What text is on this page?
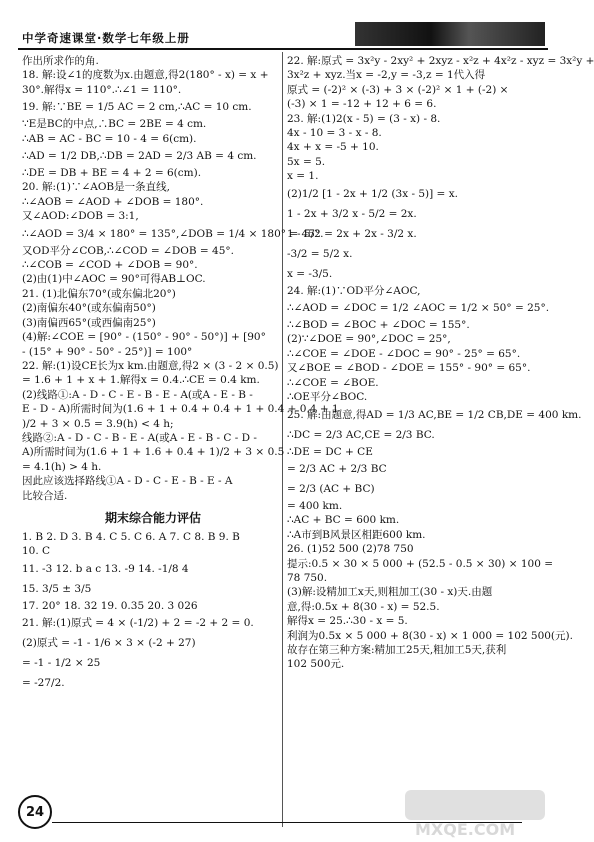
中学奇速课堂·数学七年级上册
作出所求作的角.
18. 解:设∠1的度数为x.由题意,得2(180° - x) = x +
30°.解得x = 110°.∴∠1 = 110°.
19. 解:∵BE = 1/5 AC = 2 cm,∴AC = 10 cm.
∵E是BC的中点,∴BC = 2BE = 4 cm.
∴AB = AC - BC = 10 - 4 = 6(cm).
∴AD = 1/2 DB,∴DB = 2AD = 2/3 AB = 4 cm.
∴DE = DB + BE = 4 + 2 = 6(cm).
20. 解:(1)∵∠AOB是一条直线,
∴∠AOB = ∠AOD + ∠DOB = 180°.
又∠AOD:∠DOB = 3:1,
∴∠AOD = 3/4 × 180° = 135°,∠DOB = 1/4 × 180° = 45°.
又OD平分∠COB,∴∠COD = ∠DOB = 45°.
∴∠COB = ∠COD + ∠DOB = 90°.
(2)由(1)中∠AOC = 90°可得AB⊥OC.
21. (1)北偏东70°(或东偏北20°)
(2)南偏东40°(或东偏南50°)
(3)南偏西65°(或西偏南25°)
(4)解:∠COE = [90° - (150° - 90° - 50°)] + [90°
- (15° + 90° - 50° - 25°)] = 100°
22. 解:(1)设CE长为x km.由题意,得2 × (3 - 2 × 0.5)
= 1.6 + 1 + x + 1.解得x = 0.4.∴CE = 0.4 km.
(2)线路①:A - D - C - E - B - E - A(或A - E - B -
E - D - A)所需时间为(1.6 + 1 + 0.4 + 0.4 + 1 + 0.4 + 0.4 + 1
)/2 + 3 × 0.5 = 3.9(h) < 4 h;
线路②:A - D - C - B - E - A(或A - E - B - C - D -
A)所需时间为(1.6 + 1 + 1.6 + 0.4 + 1)/2 + 3 × 0.5
= 4.1(h) > 4 h.
因此应该选择路线①A - D - C - E - B - E - A
比较合适.
期末综合能力评估
1. B 2. D 3. B 4. C 5. C 6. A 7. C 8. B 9. B
10. C
11. -3 12. b a c 13. -9 14. -1/8 4
15. 3/5 ± 3/5
17. 20° 18. 32 19. 0.35 20. 3 026
21. 解:(1)原式 = 4 × (-1/2) + 2 = -2 + 2 = 0.
(2)原式 = -1 - 1/6 × 3 × (-2 + 27)
= -1 - 1/2 × 25
= -27/2.
22. 解:原式 = 3x²y - 2xy² + 2xyz - x²z + 4x²z - xyz = 3x²y +
3x²z + xyz.当x = -2,y = -3,z = 1代入得
原式 = (-2)² × (-3) + 3 × (-2)² × 1 + (-2) ×
(-3) × 1 = -12 + 12 + 6 = 6.
23. 解:(1)2(x - 5) = (3 - x) - 8.
4x - 10 = 3 - x - 8.
4x + x = -5 + 10.
5x = 5.
x = 1.
(2)1/2 [1 - 2x + 1/2 (3x - 5)] = x.
1 - 2x + 3/2 x - 5/2 = 2x.
1 - 5/2 = 2x + 2x - 3/2 x.
-3/2 = 5/2 x.
x = -3/5.
24. 解:(1)∵OD平分∠AOC,
∴∠AOD = ∠DOC = 1/2 ∠AOC = 1/2 × 50° = 25°.
∴∠BOD = ∠BOC + ∠DOC = 155°.
(2)∵∠DOE = 90°,∠DOC = 25°,
∴∠COE = ∠DOE - ∠DOC = 90° - 25° = 65°.
又∠BOE = ∠BOD - ∠DOE = 155° - 90° = 65°.
∴∠COE = ∠BOE.
∴OE平分∠BOC.
25. 解:由题意,得AD = 1/3 AC,BE = 1/2 CB,DE = 400 km.
∴DC = 2/3 AC,CE = 2/3 BC.
∴DE = DC + CE
= 2/3 AC + 2/3 BC
= 2/3 (AC + BC)
= 400 km.
∴AC + BC = 600 km.
∴A市到B风景区相距600 km.
26. (1)52 500 (2)78 750
提示:0.5 × 30 × 5 000 + (52.5 - 0.5 × 30) × 100 =
78 750.
(3)解:设精加工x天,则粗加工(30 - x)天.由题
意,得:0.5x + 8(30 - x) = 52.5.
解得x = 25.∴30 - x = 5.
利润为0.5x × 5 000 + 8(30 - x) × 1 000 = 102 500(元).
故存在第三种方案:精加工25天,粗加工5天,获利
102 500元.
24
MXQE.COM
